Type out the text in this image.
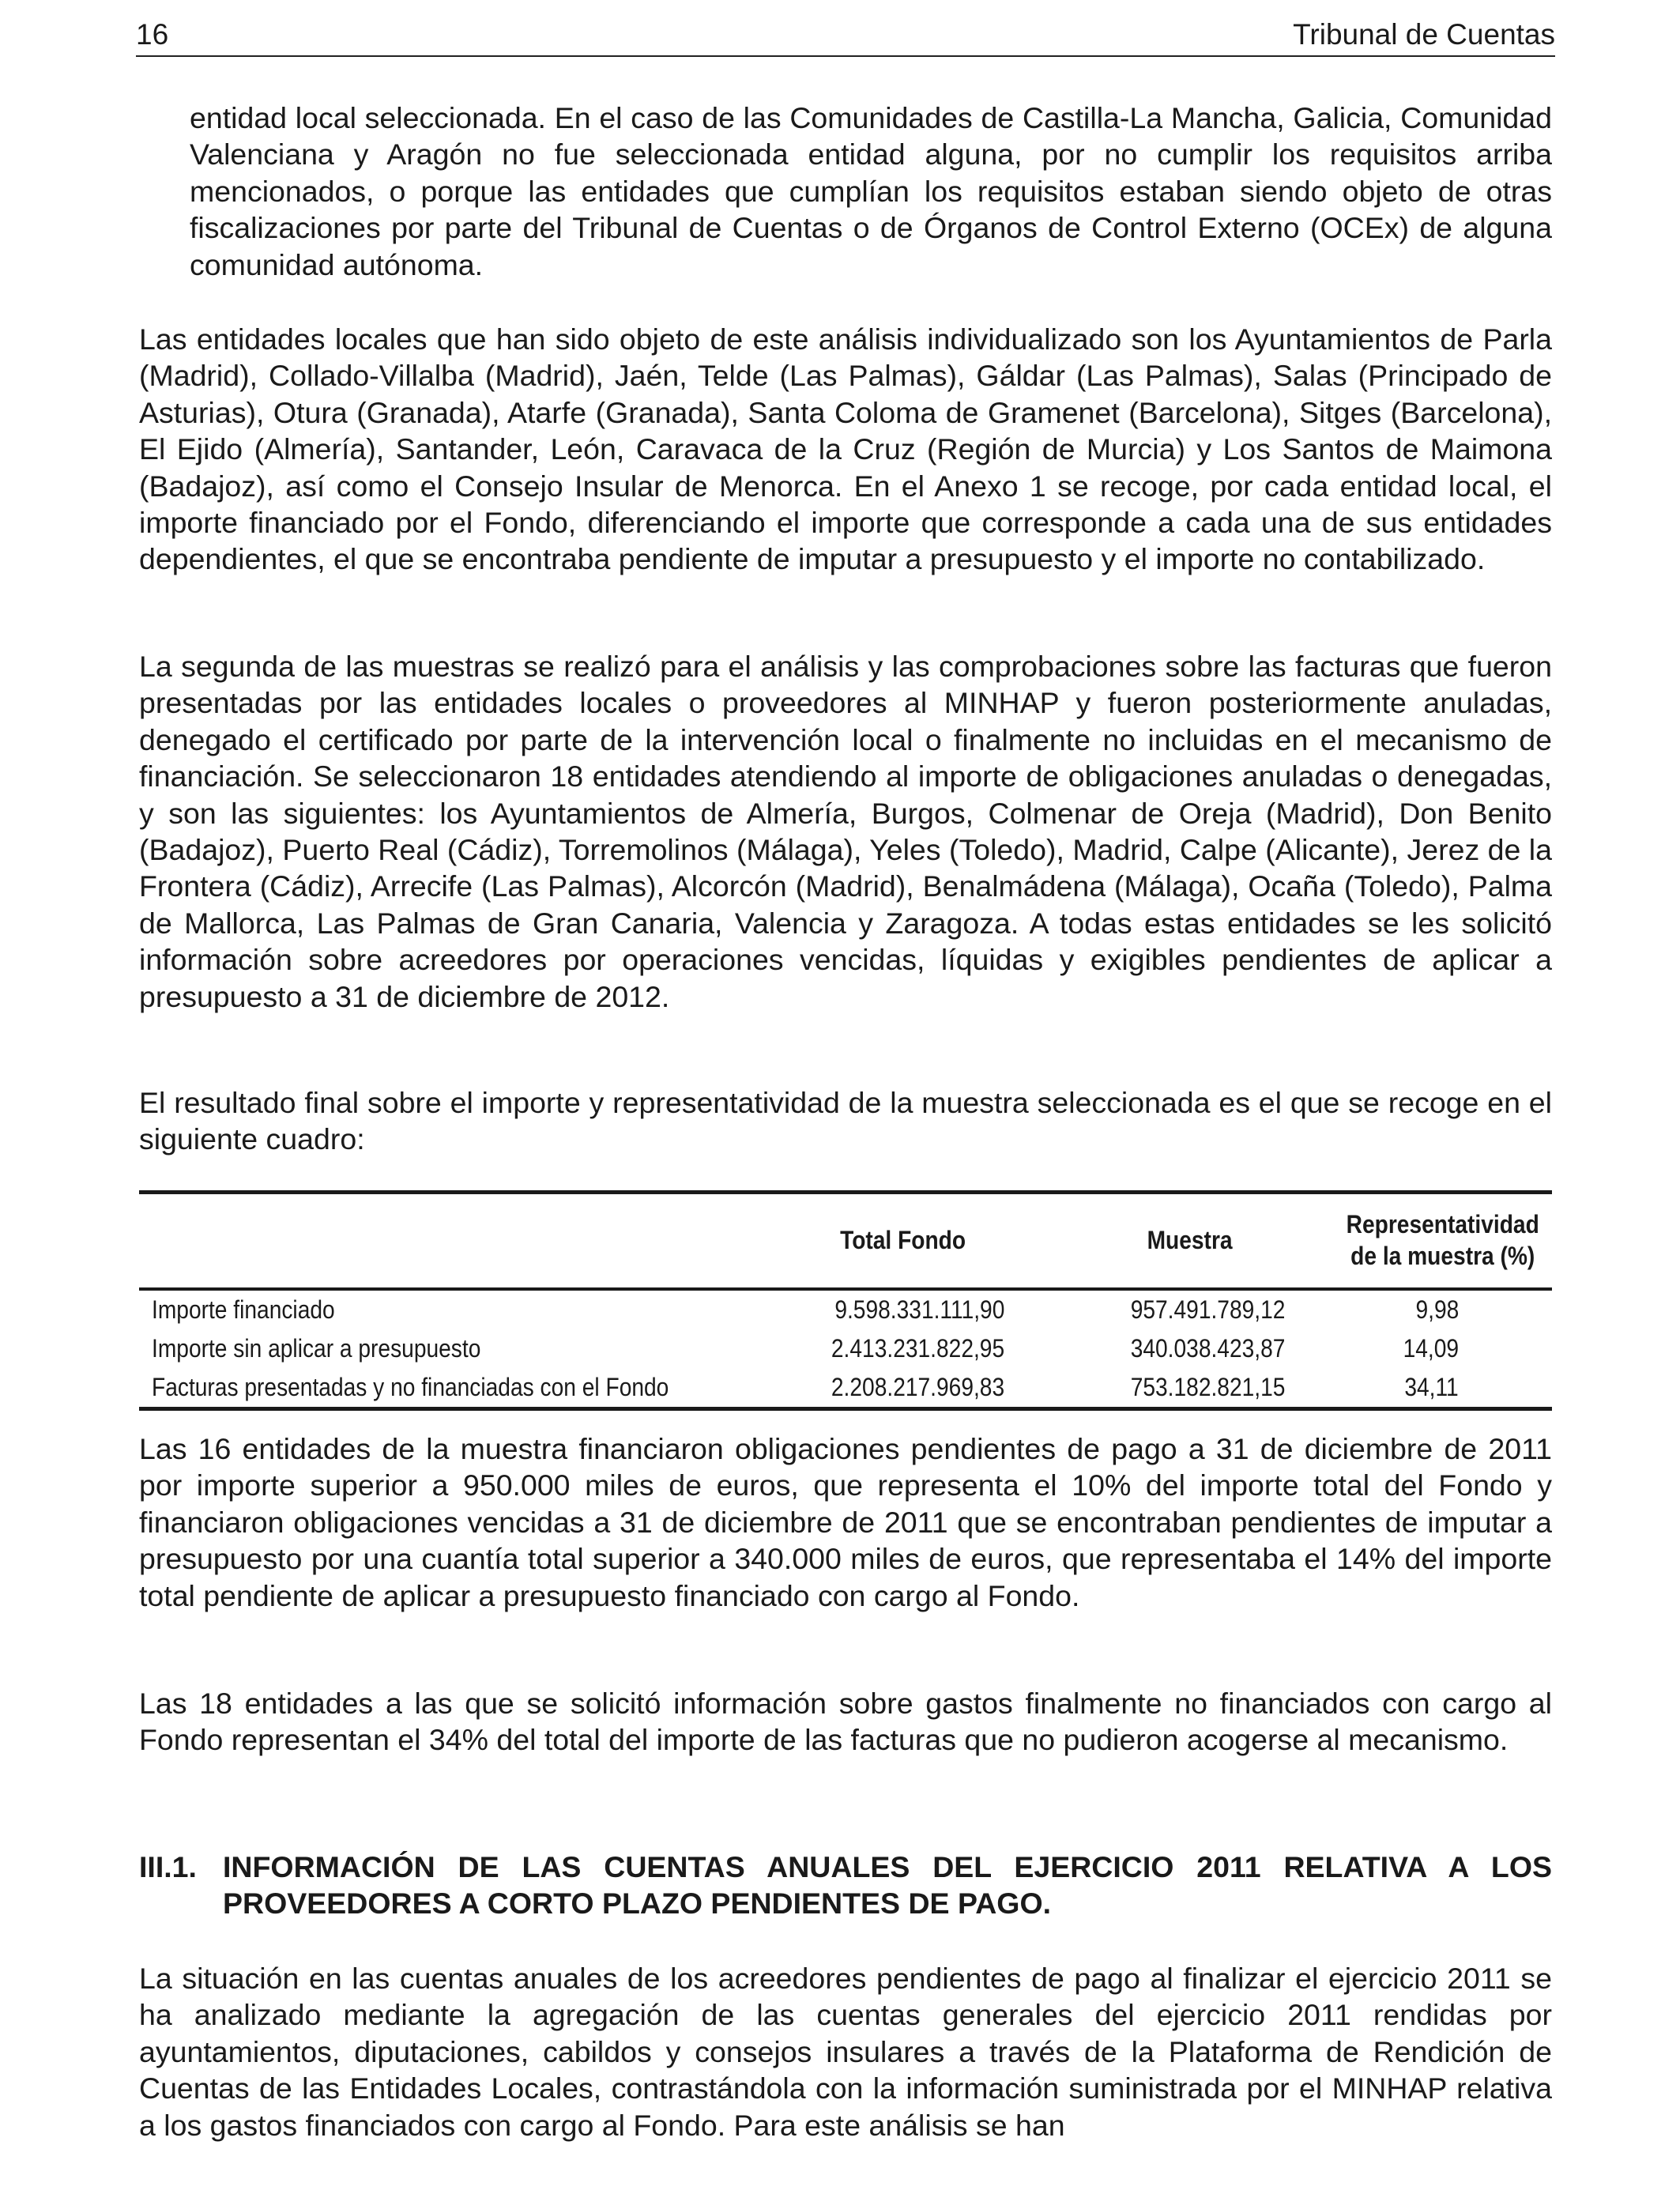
16	Tribunal de Cuentas

entidad local seleccionada. En el caso de las Comunidades de Castilla-La Mancha, Galicia, Comunidad Valenciana y Aragón no fue seleccionada entidad alguna, por no cumplir los requisitos arriba mencionados, o porque las entidades que cumplían los requisitos estaban siendo objeto de otras fiscalizaciones por parte del Tribunal de Cuentas o de Órganos de Control Externo (OCEx) de alguna comunidad autónoma.

Las entidades locales que han sido objeto de este análisis individualizado son los Ayuntamientos de Parla (Madrid), Collado-Villalba (Madrid), Jaén, Telde (Las Palmas), Gáldar (Las Palmas), Salas (Principado de Asturias), Otura (Granada), Atarfe (Granada), Santa Coloma de Gramenet (Barcelona), Sitges (Barcelona), El Ejido (Almería), Santander, León, Caravaca de la Cruz (Región de Murcia) y Los Santos de Maimona (Badajoz), así como el Consejo Insular de Menorca. En el Anexo 1 se recoge, por cada entidad local, el importe financiado por el Fondo, diferenciando el importe que corresponde a cada una de sus entidades dependientes, el que se encontraba pendiente de imputar a presupuesto y el importe no contabilizado.

La segunda de las muestras se realizó para el análisis y las comprobaciones sobre las facturas que fueron presentadas por las entidades locales o proveedores al MINHAP y fueron posteriormente anuladas, denegado el certificado por parte de la intervención local o finalmente no incluidas en el mecanismo de financiación. Se seleccionaron 18 entidades atendiendo al importe de obligaciones anuladas o denegadas, y son las siguientes: los Ayuntamientos de Almería, Burgos, Colmenar de Oreja (Madrid), Don Benito (Badajoz), Puerto Real (Cádiz), Torremolinos (Málaga), Yeles (Toledo), Madrid, Calpe (Alicante), Jerez de la Frontera (Cádiz), Arrecife (Las Palmas), Alcorcón (Madrid), Benalmádena (Málaga), Ocaña (Toledo), Palma de Mallorca, Las Palmas de Gran Canaria, Valencia y Zaragoza. A todas estas entidades se les solicitó información sobre acreedores por operaciones vencidas, líquidas y exigibles pendientes de aplicar a presupuesto a 31 de diciembre de 2012.

El resultado final sobre el importe y representatividad de la muestra seleccionada es el que se recoge en el siguiente cuadro:

	Total Fondo	Muestra	Representatividad
de la muestra (%)
Importe financiado	9.598.331.111,90	957.491.789,12	9,98
Importe sin aplicar a presupuesto	2.413.231.822,95	340.038.423,87	14,09
Facturas presentadas y no financiadas con el Fondo	2.208.217.969,83	753.182.821,15	34,11

Las 16 entidades de la muestra financiaron obligaciones pendientes de pago a 31 de diciembre de 2011 por importe superior a 950.000 miles de euros, que representa el 10% del importe total del Fondo y financiaron obligaciones vencidas a 31 de diciembre de 2011 que se encontraban pendientes de imputar a presupuesto por una cuantía total superior a 340.000 miles de euros, que representaba el 14% del importe total pendiente de aplicar a presupuesto financiado con cargo al Fondo.

Las 18 entidades a las que se solicitó información sobre gastos finalmente no financiados con cargo al Fondo representan el 34% del total del importe de las facturas que no pudieron acogerse al mecanismo.

III.1. INFORMACIÓN DE LAS CUENTAS ANUALES DEL EJERCICIO 2011 RELATIVA A LOS PROVEEDORES A CORTO PLAZO PENDIENTES DE PAGO.

La situación en las cuentas anuales de los acreedores pendientes de pago al finalizar el ejercicio 2011 se ha analizado mediante la agregación de las cuentas generales del ejercicio 2011 rendidas por ayuntamientos, diputaciones, cabildos y consejos insulares a través de la Plataforma de Rendición de Cuentas de las Entidades Locales, contrastándola con la información suministrada por el MINHAP relativa a los gastos financiados con cargo al Fondo. Para este análisis se han
